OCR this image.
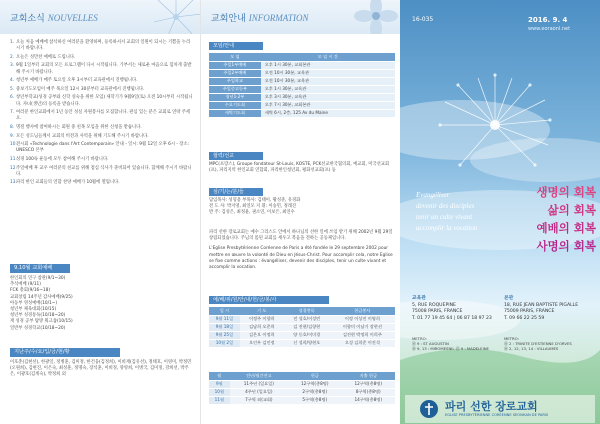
교회소식 NOUVELLES
오늘 처음 예배에 참석하신 여러분을 환영하며, 등록하셔서 교회의 일원이 되시는 기쁨을 누리시기 바랍니다.
오늘은 성만찬 예배로 드립니다.
9월 1일부터 교회의 모든 프로그램이 다시 시작됩니다. 가부서는 새로운 마음으로 힘차게 출발해 주시기 바랍니다.
청년부 예배가 매주 토요일 오후 3시부터 교육관에서 진행됩니다.
중보기도모임이 매주 목요일 12시 30분부터 교육관에서 진행됩니다.
창년부학교(성경 공부와 신학 성숙을 위한 모임) 새학기가 9월9일(토) 오전 10시부터 시작됩니다. 자녀(생년)의 등록을 받습니다.
여러분 한인교회에서 1년 동안 성실 자원봉사를 모집합니다. 관심 있는 분은 교회로 연락 주세요.
명절 행사에 참여하시는 회원 중 친목 모임을 위한 신청을 받습니다.
모든 성도님들께서 교회의 비전과 사역을 위해 기도해 주시기 바랍니다.
전시회 «Technologie dans l'Art Contemporain» 안내 - 일시: 9월 12일 오후 6시 - 장소: UNESCO 본부
성경 100독 운동에 모두 참여해 주시기 바랍니다.
주일예배 후 교우 여러분의 친교를 위해 점심 식사가 준비되어 있습니다. 함께해 주시기 바랍니다.
파리 한인 교회들의 연합 찬양 예배가 10월에 열립니다.
9,10월 교회예배
한인회의 연구 참관(9/1~30)
추석예배 (9/11)
FCK 총회(9/16~18)
교회창립 14주년 감사예배(9/25)
아동부 영성예배(10/1~)
청년부 체육대회(10/15)
청년부 성경통독(10/18~20)
재 성경 공부 탐방 워크숍(10/15)
일반부 성경학교(10/18~20)
지난주/수/요/입/금/현/황
이호춘(김현선), 한광일, 정병훈, 김미정, 한건웅(김정희), 이희재(김유선), 정태호, 이영미, 박정민(오원희), 김현진, 이은숙, 최성훈, 정명숙, 장석훈, 이희정, 양영희, 이병국, 김미정, 강희선, 박주은, 이광호(김계숙), 박정희 외
교회안내 INFORMATION
모임/안내
모 임	모 임 시 간
주일1부예배	오후 1시 30분, 교회본관
주일2부예배	오전 10시 30분, 교육관
주일학교	오전 10시 30분, 교육관
주일중고등부	오후 1시 30분, 교육관
청년1·2부	오후 3시 30분, 교육관
수요기도회	오후 7시 30분, 교회본관
새벽기도회	새벽 6시, 2층, 125 Av du Maine
협력/선교
MPC(프랑스), Groupe fondateur St-Louis, KOSTE, PCK선교한국협의회, 예교회, 미국선교회(프), 파리지역 한인교회 연합회, 파리한인청년회, 평화선교회(프) 등
섬/기/는/분/들
담임목사: 성형용 부목사: 김태이, 황성준, 유경화
전 도 사: 박지영, 최연모 지 휘: 이승민, 정래진
반 주: 김성은, 최정윤, 권소연, 이보은, 최연수
파리 선한 장로교회는 예수 그리스도 안에서 하나님의 선한 일에 쓰임 받기 위해 2002년 9월 29일 창립되었습니다. 주님의 몸된 교회를 세우고 복음을 전하는 공동체입니다.
L'Eglise Presbytérienne Coréenne de Paris a été fondée le 29 septembre 2002 pour mettre en œuvre la volonté de Dieu en Jésus-Christ. Pour accomplir cela, notre Eglise se fixe comme actions : évangéliser, devenir des disciples, tenir un culte vivant et accomplir la vocation.
예/배/위/원/안/내/헌/금/봉/사
일 시	기 도	성경봉독	헌금봉사
9월 11일	이정주 이향희	전 성호/이성빈	이정 이상진 이영희
9월 18일	김남희 오준희	김 진현/김향현	이향미 이남기 장현선
9월 25일	김은오 이정희	양 동호/이미경	김진현 박정희 이희주
10월 2일	오인우 김인정	신 성희/양현오	오성 김희준 이진석
월	전년/월간잔고	헌금	지출 헌금
9월	11주년 (일요일)	12구역(총8명)	12구역(총8명)
10월	4주년 (일요일)	2구역(총8명)	8구역(총8명)
11월	7구역 외(교회)	5구역(총8명)	14구역(총8명)
16-035	2016. 9. 4
www.eoraonl.net
Evangéliser
devenir des disciples
tenir un culte vivant
accomplir la vocation
생명의 회복
삶의 회복
예배의 회복
사명의 회복
교육관
5, RUE ROQUEPINE
75008 PARIS, FRANCE
T. 01 77 19 45 64 | 06 87 18 97 23
본관
18, RUE JEAN BAPTISTE PIGALLE
75009 PARIS, FRANCE
T. 09 66 22 25 59
METRO:
ⓜ 9 : ST AUGUSTIN
ⓜ 9, 13 : MIROMESNIL ⓜ 9 : MADELEINE
METRO:
ⓜ 2 : TRINITE D'ESTIENNE D'ORVES
ⓜ 2, 12, 13, 14 : VILLAUMES
파리 선한 장로교회
EGLISE PRESBYTÉRIENNE CORÉENNE SEONHAN DE PARIS
